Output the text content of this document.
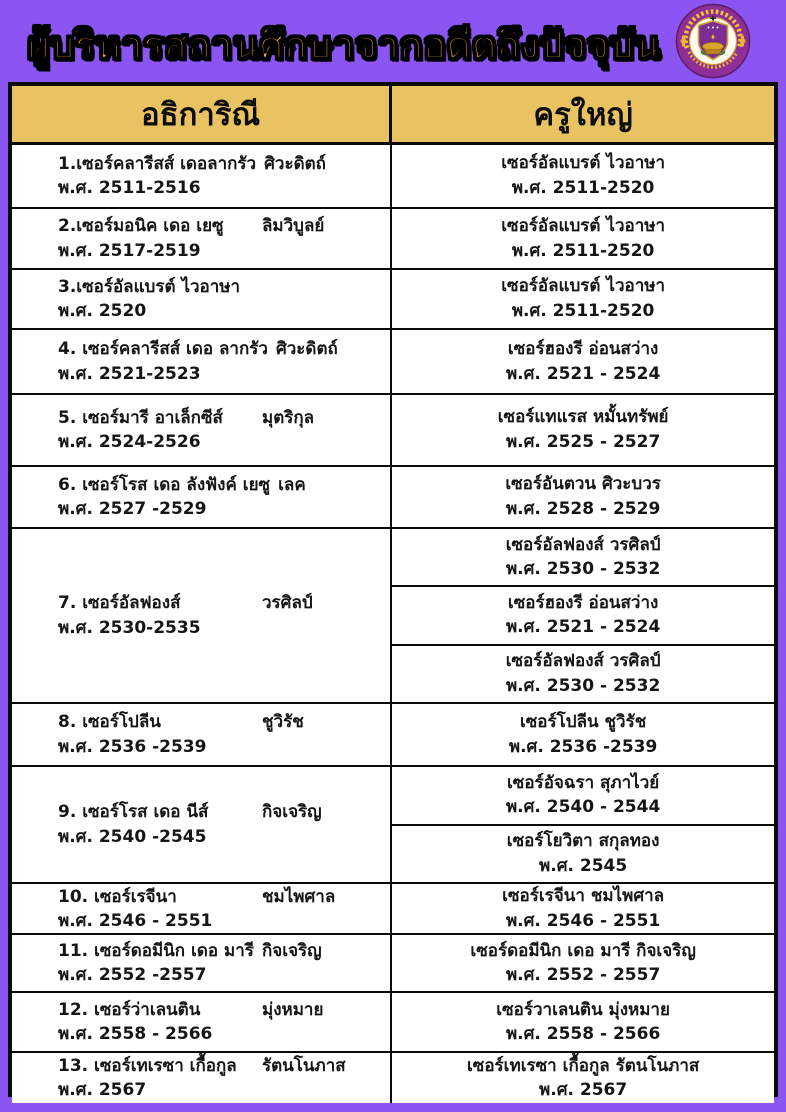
ผู้บริหารสถานศึกษาจากอดีตถึงปัจจุบัน
อธิการิณี	ครูใหญ่
1.เซอร์คลารีสส์ เดอลากรัว ศิวะดิตถ์
พ.ศ. 2511-2516
เซอร์อัลแบรต์ ไวอาษา
พ.ศ. 2511-2520
2.เซอร์มอนิค เดอ เยซู	ลิมวิบูลย์
พ.ศ. 2517-2519
เซอร์อัลแบรต์ ไวอาษา
พ.ศ. 2511-2520
3.เซอร์อัลแบรต์ ไวอาษา
พ.ศ. 2520
เซอร์อัลแบรต์ ไวอาษา
พ.ศ. 2511-2520
4. เซอร์คลารีสส์ เดอ ลากรัว ศิวะดิตถ์
พ.ศ. 2521-2523
เซอร์ฮองรี อ่อนสว่าง
พ.ศ. 2521 - 2524
5. เซอร์มารี อาเล็กซีส์	มุตริกุล
พ.ศ. 2524-2526
เซอร์แทแรส หมั้นทรัพย์
พ.ศ. 2525 - 2527
6. เซอร์โรส เดอ ลังฟังค์ เยซู เลค
พ.ศ. 2527 -2529
เซอร์อันตวน ศิวะบวร
พ.ศ. 2528 - 2529
7. เซอร์อัลฟองส์	วรศิลป์
พ.ศ. 2530-2535
เซอร์อัลฟองส์ วรศิลป์
พ.ศ. 2530 - 2532
เซอร์ฮองรี อ่อนสว่าง
พ.ศ. 2521 - 2524
เซอร์อัลฟองส์ วรศิลป์
พ.ศ. 2530 - 2532
8. เซอร์โปลีน	ชูวิรัช
พ.ศ. 2536 -2539
เซอร์โปลีน ชูวิรัช
พ.ศ. 2536 -2539
9. เซอร์โรส เดอ นีส์	กิจเจริญ
พ.ศ. 2540 -2545
เซอร์อัจฉรา สุภาไวย์
พ.ศ. 2540 - 2544
เซอร์โยวิตา สกุลทอง
พ.ศ. 2545
10. เซอร์เรจีนา	ชมไพศาล
พ.ศ. 2546 - 2551
เซอร์เรจีนา ชมไพศาล
พ.ศ. 2546 - 2551
11. เซอร์ดอมีนิก เดอ มารี กิจเจริญ
พ.ศ. 2552 -2557
เซอร์ดอมีนิก เดอ มารี กิจเจริญ
พ.ศ. 2552 - 2557
12. เซอร์ว่าเลนติน	มุ่งหมาย
พ.ศ. 2558 - 2566
เซอร์วาเลนติน มุ่งหมาย
พ.ศ. 2558 - 2566
13. เซอร์เทเรซา เกื้อกูล	รัตนโนภาส
พ.ศ. 2567
เซอร์เทเรซา เกื้อกูล รัตนโนภาส
พ.ศ. 2567
